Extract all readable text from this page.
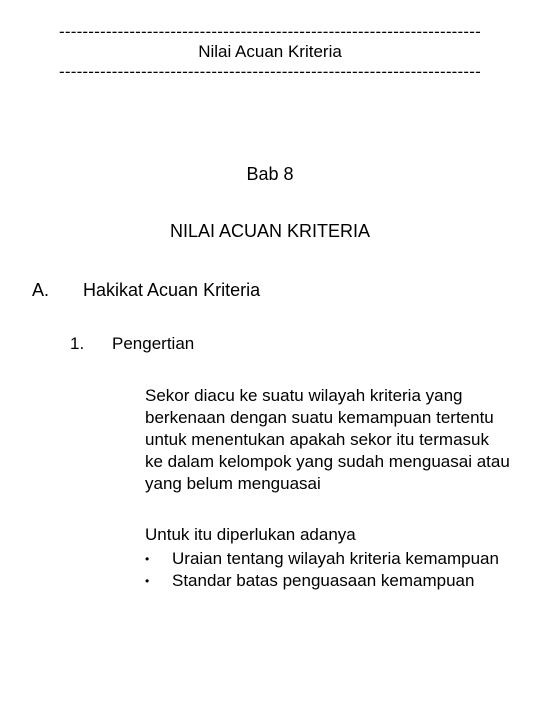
------------------------------------------------------------------------
Nilai Acuan Kriteria
------------------------------------------------------------------------
Bab 8
NILAI ACUAN KRITERIA
A. Hakikat Acuan Kriteria
1. Pengertian
Sekor diacu ke suatu wilayah kriteria yang berkenaan dengan suatu kemampuan tertentu untuk menentukan apakah sekor itu termasuk ke dalam kelompok yang sudah menguasai atau yang belum menguasai
Untuk itu diperlukan adanya
•	Uraian tentang wilayah kriteria kemampuan
•	Standar batas penguasaan kemampuan
